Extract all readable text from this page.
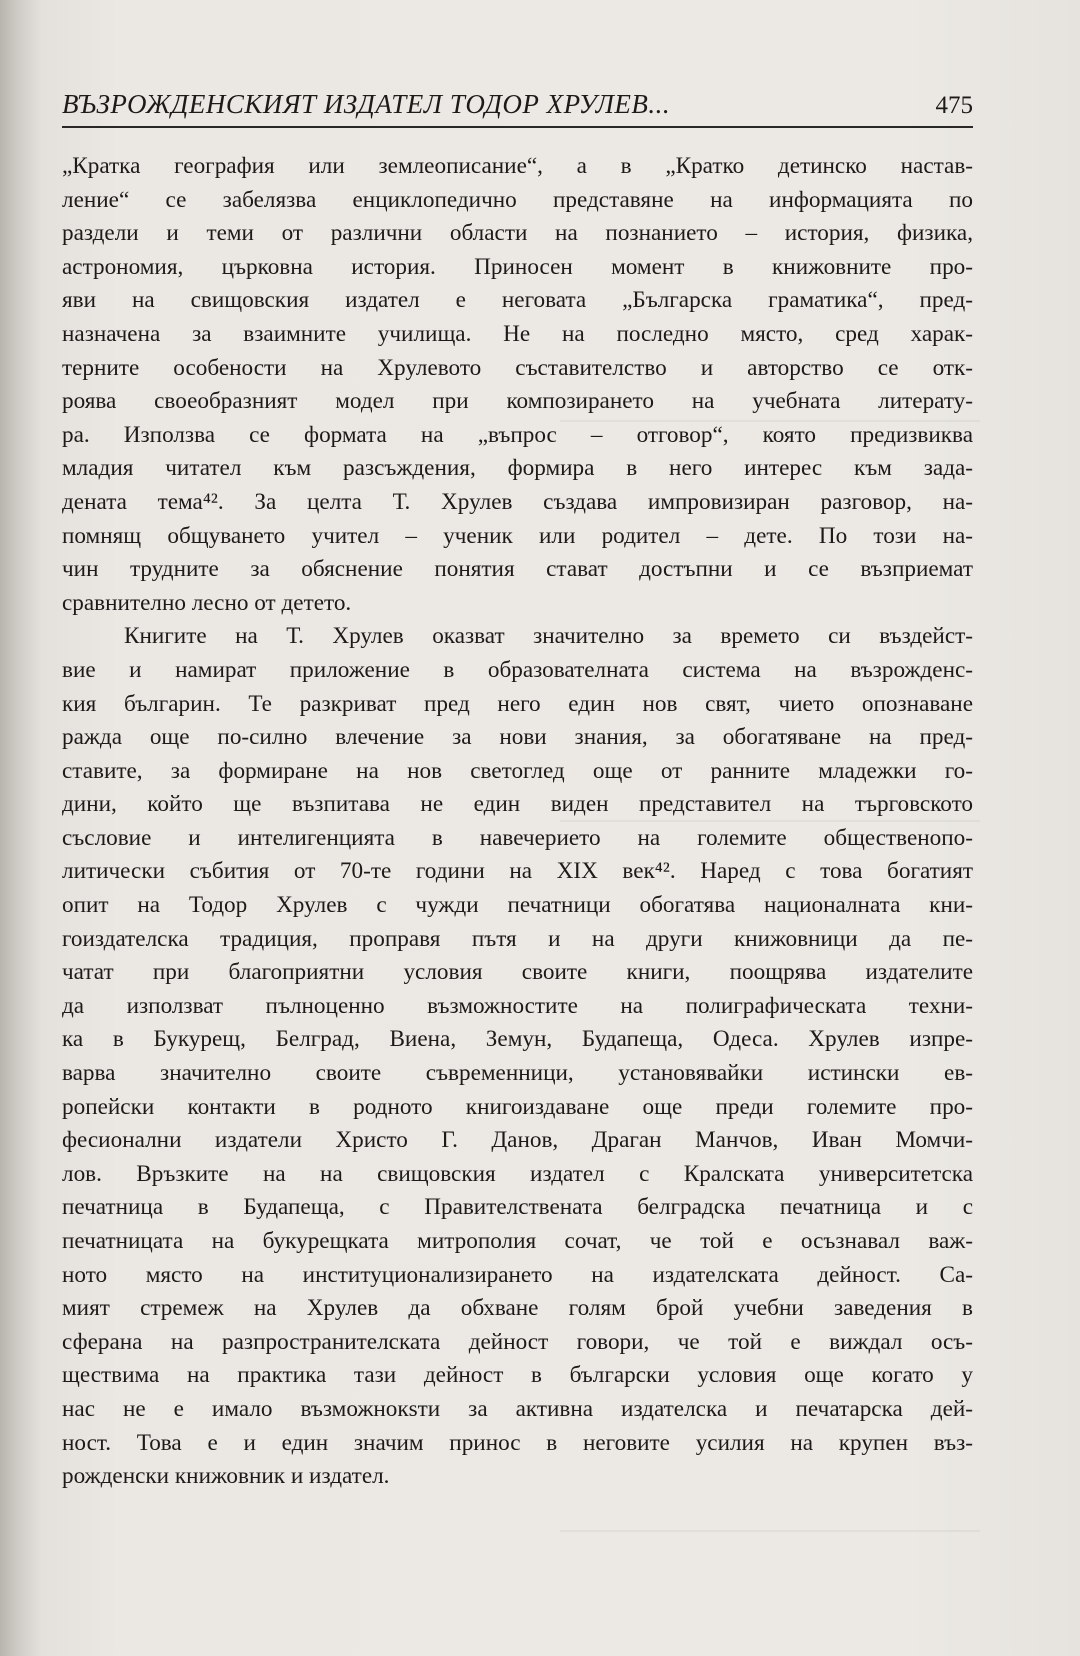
ВЪЗРОЖДЕНСКИЯТ ИЗДАТЕЛ ТОДОР ХРУЛЕВ...	475

„Кратка география или землеописание“, а в „Кратко детинско настав-
ление“ се забелязва енциклопедично представяне на информацията по
раздели и теми от различни области на познанието – история, физика,
астрономия, църковна история. Приносен момент в книжовните про-
яви на свищовския издател е неговата „Българска граматика“, пред-
назначена за взаимните училища. Не на последно място, сред харак-
терните особености на Хрулевото съставителство и авторство се отк-
роява своеобразният модел при композирането на учебната литерату-
ра. Използва се формата на „въпрос – отговор“, която предизвиква
младия читател към разсъждения, формира в него интерес към зада-
дената тема⁴². За целта Т. Хрулев създава импровизиран разговор, на-
помнящ общуването учител – ученик или родител – дете. По този на-
чин трудните за обяснение понятия стават достъпни и се възприемат
сравнително лесно от детето.

Книгите на Т. Хрулев оказват значително за времето си въздейст-
вие и намират приложение в образователната система на възрожденс-
кия българин. Те разкриват пред него един нов свят, чието опознаване
ражда още по-силно влечение за нови знания, за обогатяване на пред-
ставите, за формиране на нов светоглед още от ранните младежки го-
дини, който ще възпитава не един виден представител на търговското
съсловие и интелигенцията в навечерието на големите общественопо-
литически събития от 70-те години на XIX век⁴². Наред с това богатият
опит на Тодор Хрулев с чужди печатници обогатява националната кни-
гоиздателска традиция, проправя пътя и на други книжовници да пе-
чатат при благоприятни условия своите книги, поощрява издателите
да използват пълноценно възможностите на полиграфическата техни-
ка в Букурещ, Белград, Виена, Земун, Будапеща, Одеса. Хрулев изпре-
варва значително своите съвременници, установявайки истински ев-
ропейски контакти в родното книгоиздаване още преди големите про-
фесионални издатели Христо Г. Данов, Драган Манчов, Иван Момчи-
лов. Връзките на на свищовския издател с Кралската университетска
печатница в Будапеща, с Правителствената белградска печатница и с
печатницата на букурещката митрополия сочат, че той е осъзнавал важ-
ното място на институционализирането на издателската дейност. Са-
мият стремеж на Хрулев да обхване голям брой учебни заведения в
сферана на разпространителската дейност говори, че той е виждал осъ-
ществима на практика тази дейност в български условия още когато у
нас не е имало възможнокsти за активна издателска и печатарска дей-
ност. Това е и един значим принос в неговите усилия на крупен въз-
рожденски книжовник и издател.
